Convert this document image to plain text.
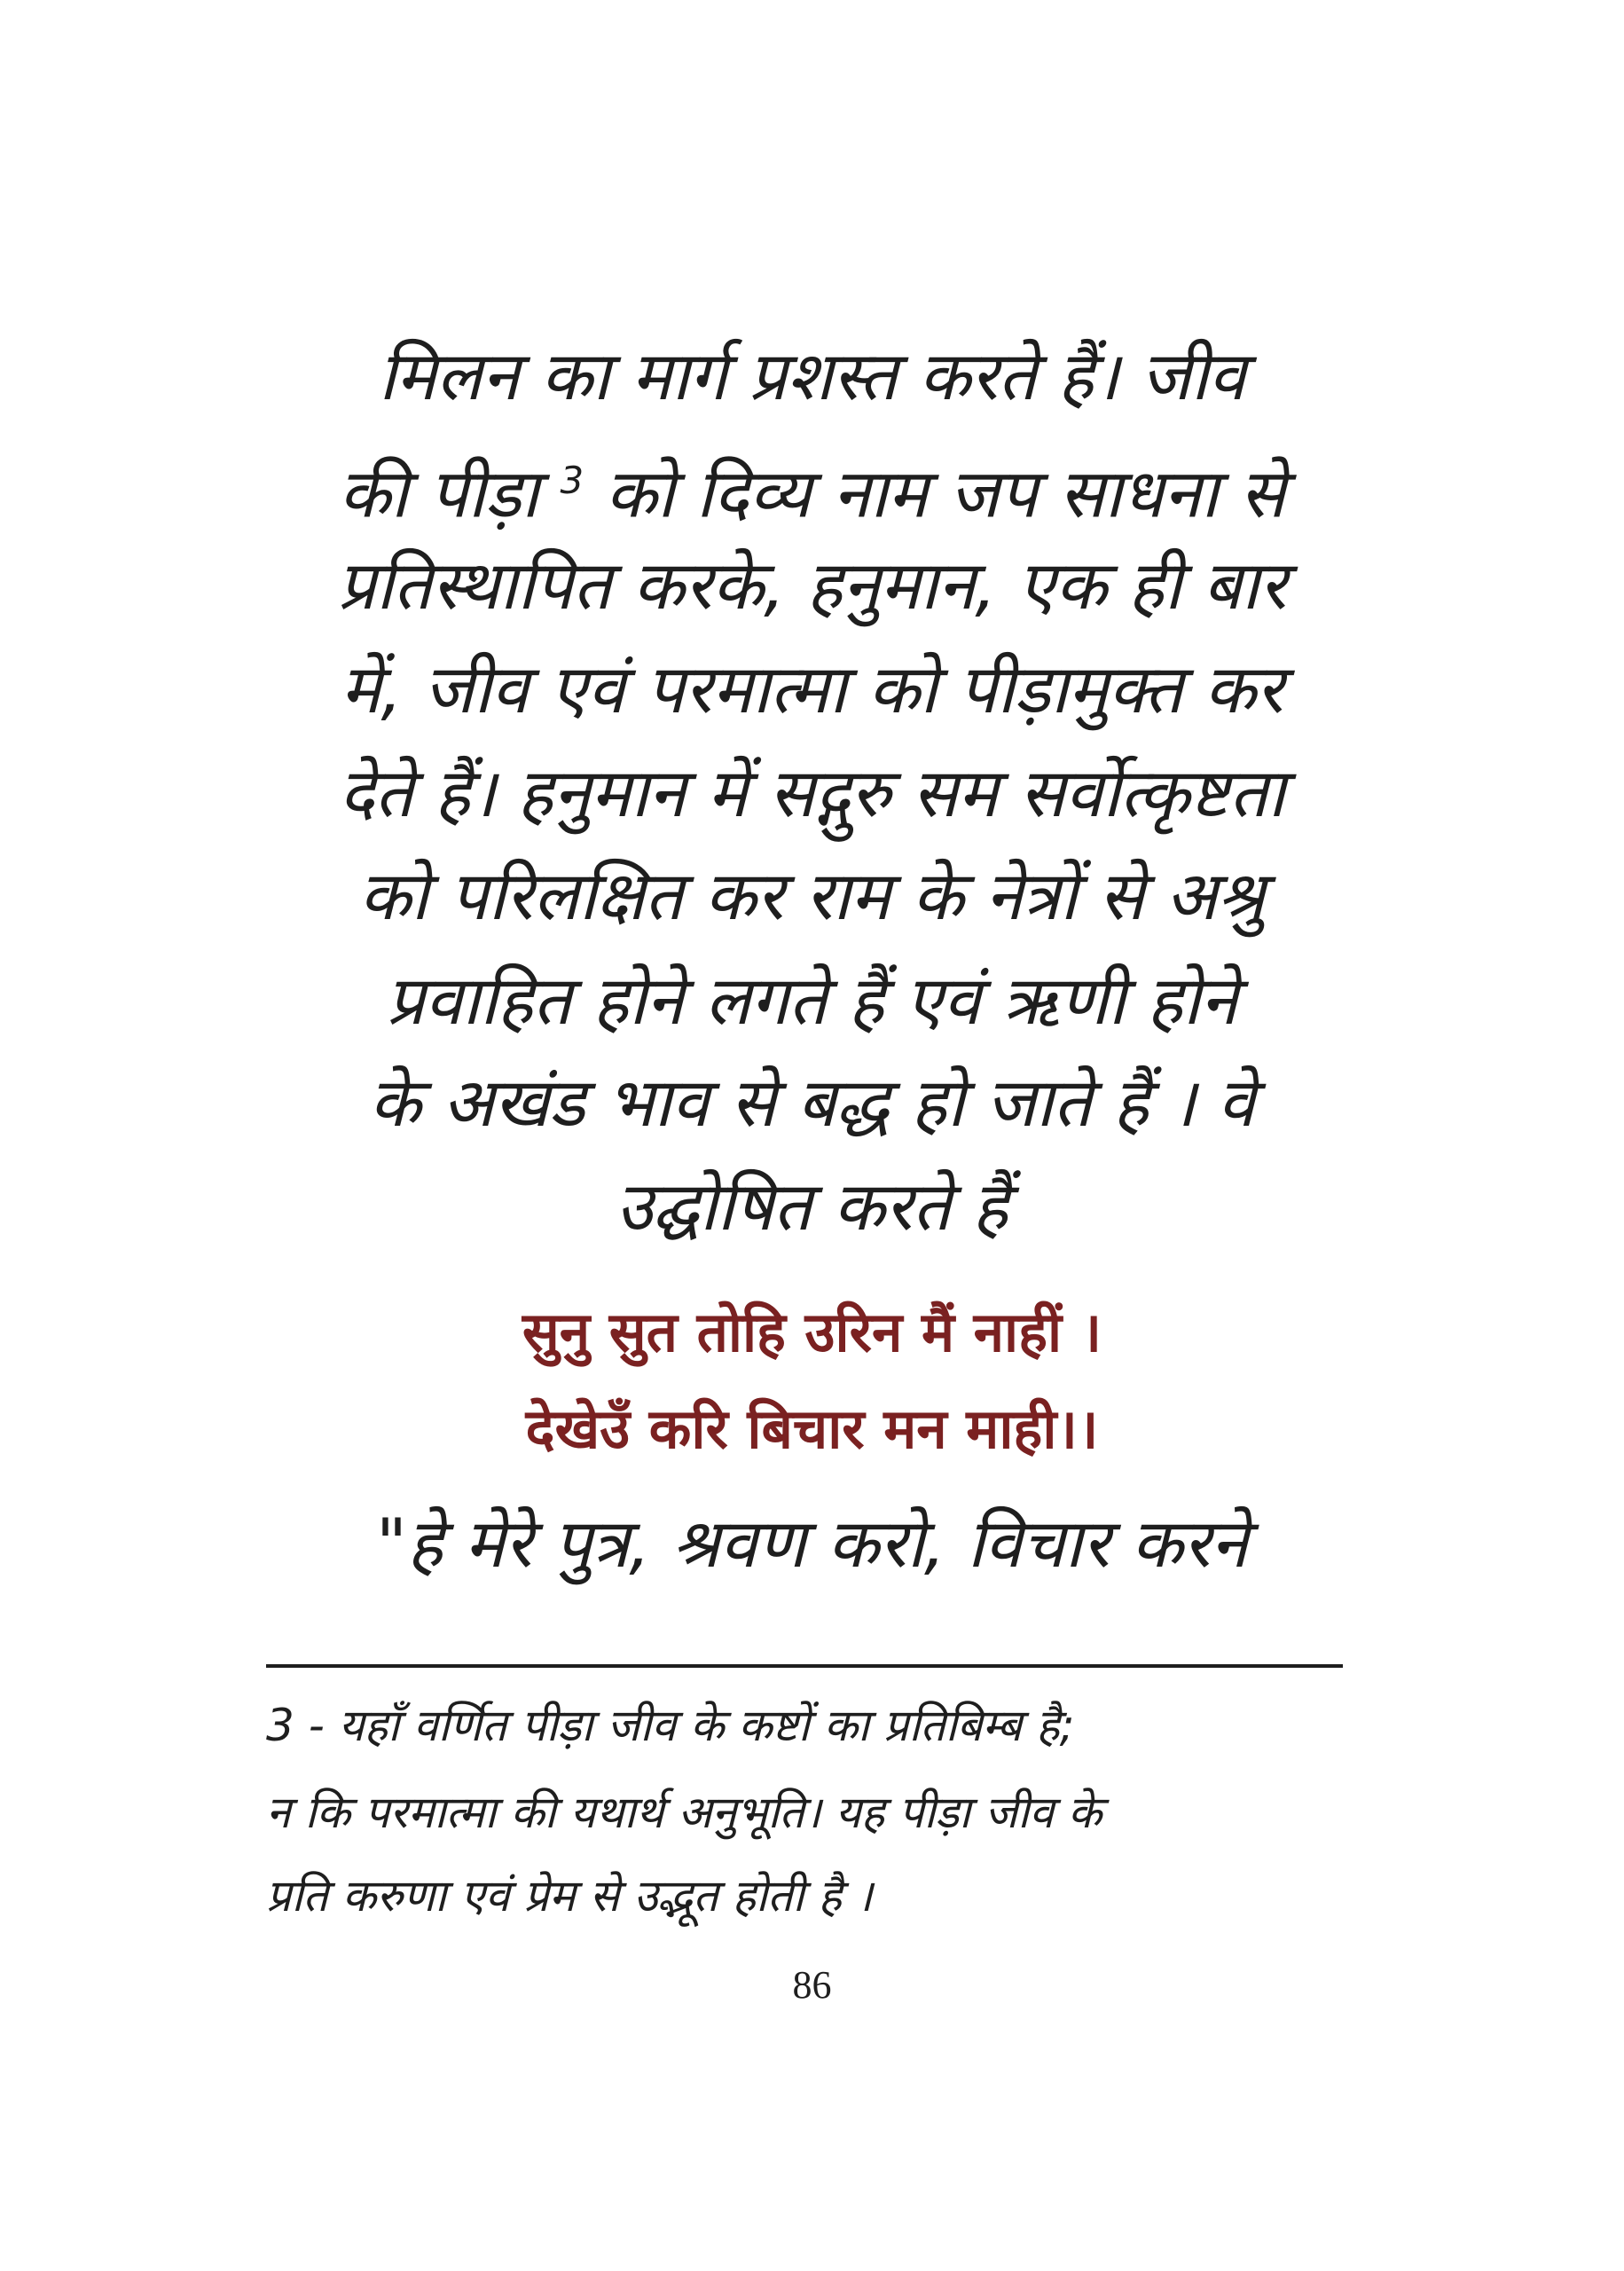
मिलन का मार्ग प्रशस्त करते हैं। जीव
की पीड़ा $^3$ को दिव्य नाम जप साधना से
प्रतिस्थापित करके, हनुमान, एक ही बार
में, जीव एवं परमात्मा को पीड़ामुक्त कर
देते हैं। हनुमान में सद्गुरु सम सर्वोत्कृष्टता
को परिलक्षित कर राम के नेत्रों से अश्रु
प्रवाहित होने लगते हैं एवं ऋणी होने
के अखंड भाव से बद्ध हो जाते हैं । वे
उद्घोषित करते हैं
सुनु सुत तोहि उरिन मैं नाहीं ।
देखेउँ करि बिचार मन माही।।
"हे मेरे पुत्र, श्रवण करो, विचार करने
3 - यहाँ वर्णित पीड़ा जीव के कष्टों का प्रतिबिम्ब है;
न कि परमात्मा की यथार्थ अनुभूति। यह पीड़ा जीव के
प्रति करुणा एवं प्रेम से उद्भूत होती है ।
86
